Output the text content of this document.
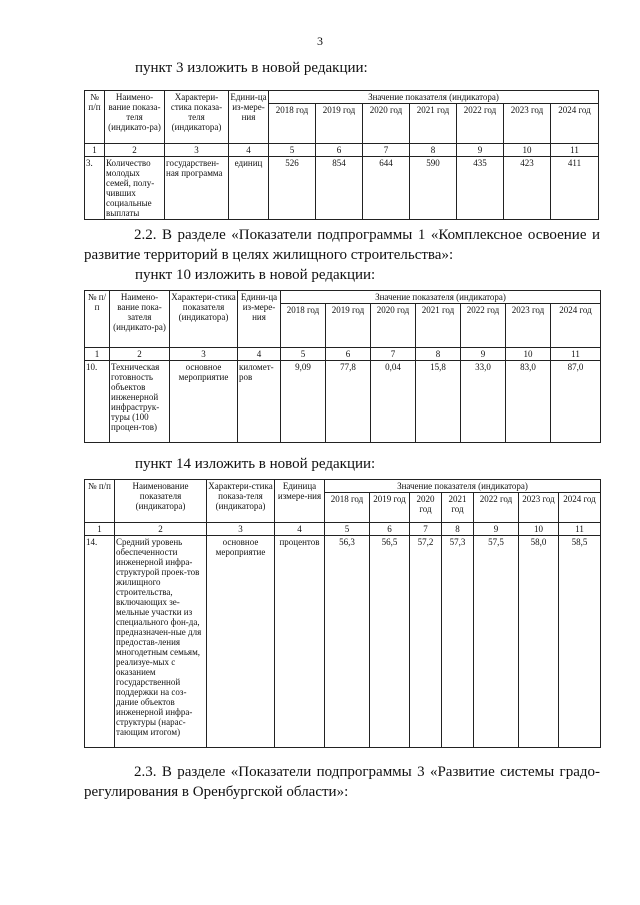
3
пункт 3 изложить в новой редакции:
№ п/п	Наимено-вание показа-теля (индикато-ра)	Характери-стика показа-теля (индикатора)	Едини-ца из-мере-ния	Значение показателя (индикатора)						
				2018 год	2019 год	2020 год	2021 год	2022 год	2023 год	2024 год
1	2	3	4	5	6	7	8	9	10	11
3.	Количество молодых семей, полу-чивших социальные выплаты	государствен-ная программа	единиц	526	854	644	590	435	423	411
2.2. В разделе «Показатели подпрограммы 1 «Комплексное освоение и развитие территорий в целях жилищного строительства»:
пункт 10 изложить в новой редакции:
№ п/п	Наимено-вание пока-зателя (индикато-ра)	Характери-стика показателя (индикатора)	Едини-ца из-мере-ния	Значение показателя (индикатора)						
				2018 год	2019 год	2020 год	2021 год	2022 год	2023 год	2024 год
1	2	3	4	5	6	7	8	9	10	11
10.	Техническая готовность объектов инженерной инфраструк-туры (100 процен-тов)	основное мероприятие	километ-ров	9,09	77,8	0,04	15,8	33,0	83,0	87,0
пункт 14 изложить в новой редакции:
№ п/п	Наименование показателя (индикатора)	Характери-стика показа-теля (индикатора)	Единица измере-ния	Значение показателя (индикатора)						
				2018 год	2019 год	2020 год	2021 год	2022 год	2023 год	2024 год
1	2	3	4	5	6	7	8	9	10	11
14.	Средний уровень обеспеченности инженерной инфра-структурой проек-тов жилищного строительства, включающих зе-мельные участки из специального фон-да, предназначен-ные для предостав-ления многодетным семьям, реализуе-мых с оказанием государственной поддержки на соз-дание объектов инженерной инфра-структуры (нарас-тающим итогом)	основное мероприятие	процентов	56,3	56,5	57,2	57,3	57,5	58,0	58,5
2.3. В разделе «Показатели подпрограммы 3 «Развитие системы градо-регулирования в Оренбургской области»:
